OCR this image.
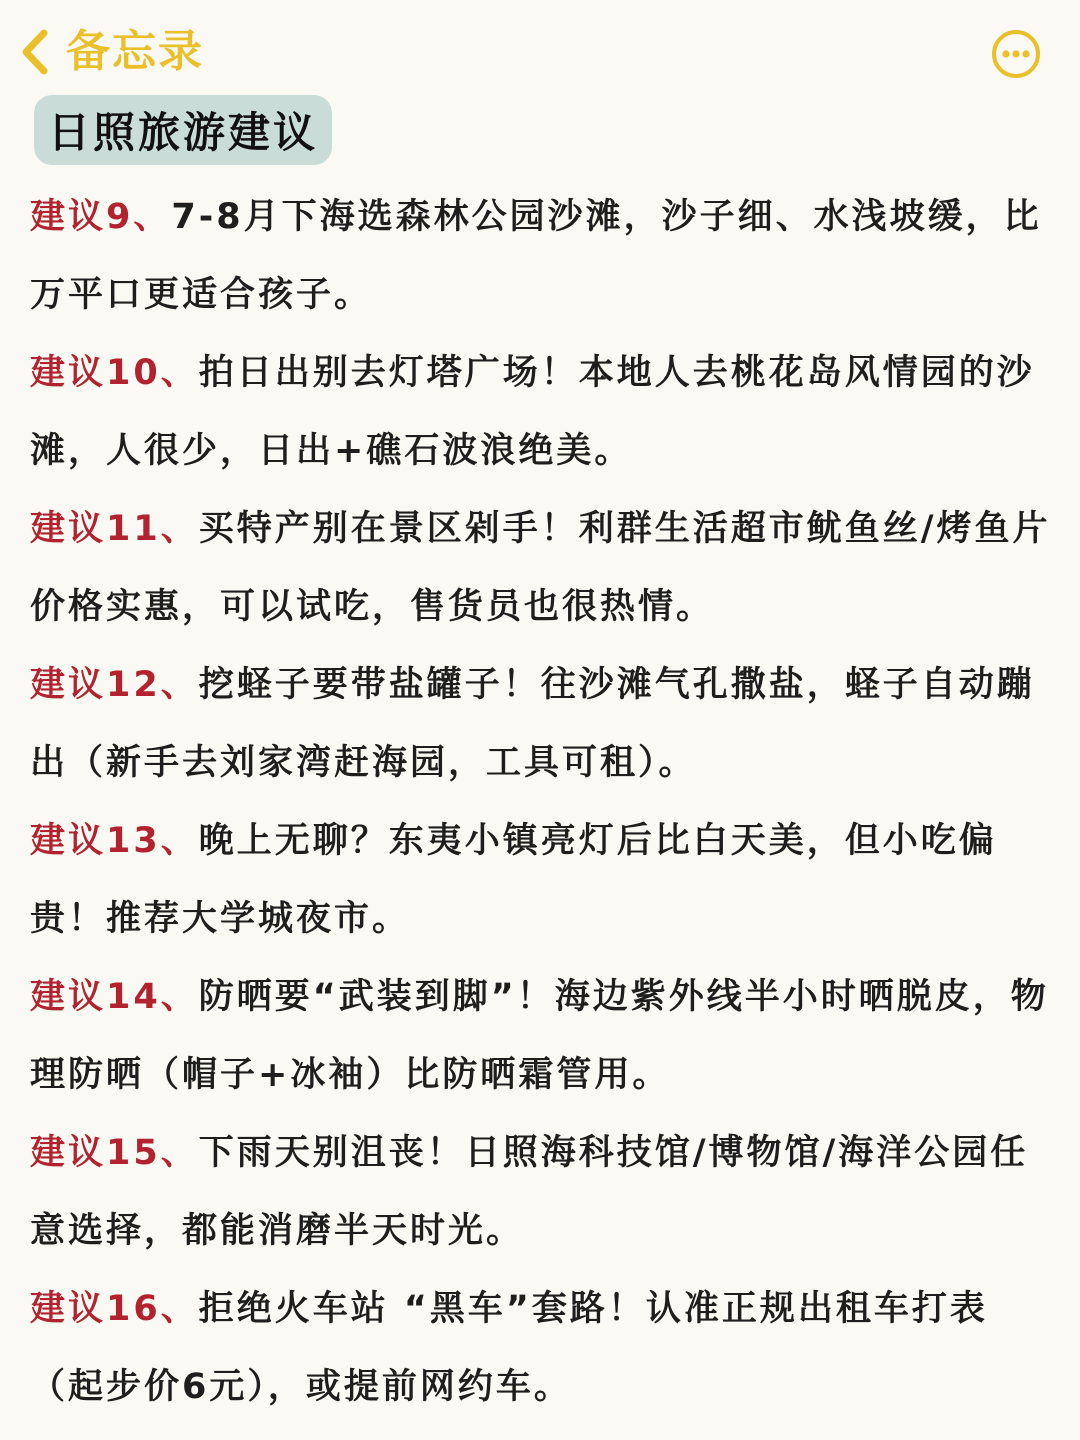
备忘录
日照旅游建议

建议9、7-8月下海选森林公园沙滩，沙子细、水浅坡缓，比万平口更适合孩子。

建议10、拍日出别去灯塔广场！本地人去桃花岛风情园的沙滩，人很少，日出+礁石波浪绝美。

建议11、买特产别在景区剁手！利群生活超市鱿鱼丝/烤鱼片价格实惠，可以试吃，售货员也很热情。

建议12、挖蛏子要带盐罐子！往沙滩气孔撒盐，蛏子自动蹦出（新手去刘家湾赶海园，工具可租）。

建议13、晚上无聊？东夷小镇亮灯后比白天美，但小吃偏贵！推荐大学城夜市。

建议14、防晒要“武装到脚”！海边紫外线半小时晒脱皮，物理防晒（帽子+冰袖）比防晒霜管用。

建议15、下雨天别沮丧！日照海科技馆/博物馆/海洋公园任意选择，都能消磨半天时光。

建议16、拒绝火车站 “黑车”套路！认准正规出租车打表（起步价6元），或提前网约车。
